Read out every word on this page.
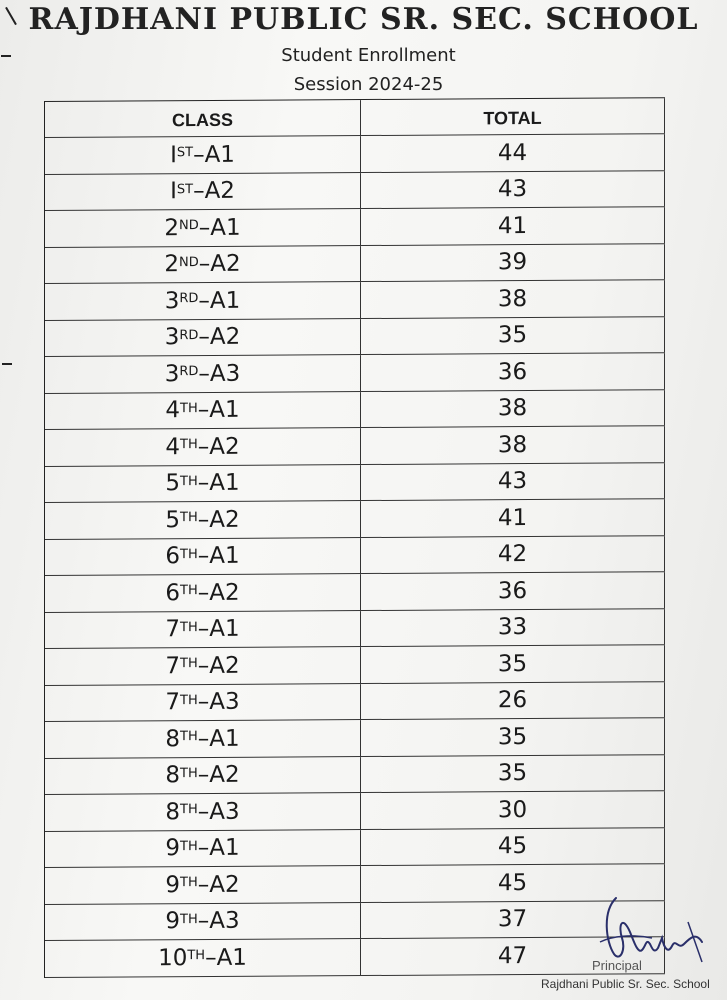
RAJDHANI PUBLIC SR. SEC. SCHOOL
Student Enrollment
Session 2024-25
CLASS	TOTAL
IST – A1	44
IST – A2	43
2ND – A1	41
2ND – A2	39
3RD – A1	38
3RD – A2	35
3RD – A3	36
4TH – A1	38
4TH – A2	38
5TH – A1	43
5TH – A2	41
6TH – A1	42
6TH – A2	36
7TH – A1	33
7TH – A2	35
7TH – A3	26
8TH – A1	35
8TH – A2	35
8TH – A3	30
9TH – A1	45
9TH – A2	45
9TH – A3	37
10TH – A1	47	Principal
Rajdhani Public Sr. Sec. School
